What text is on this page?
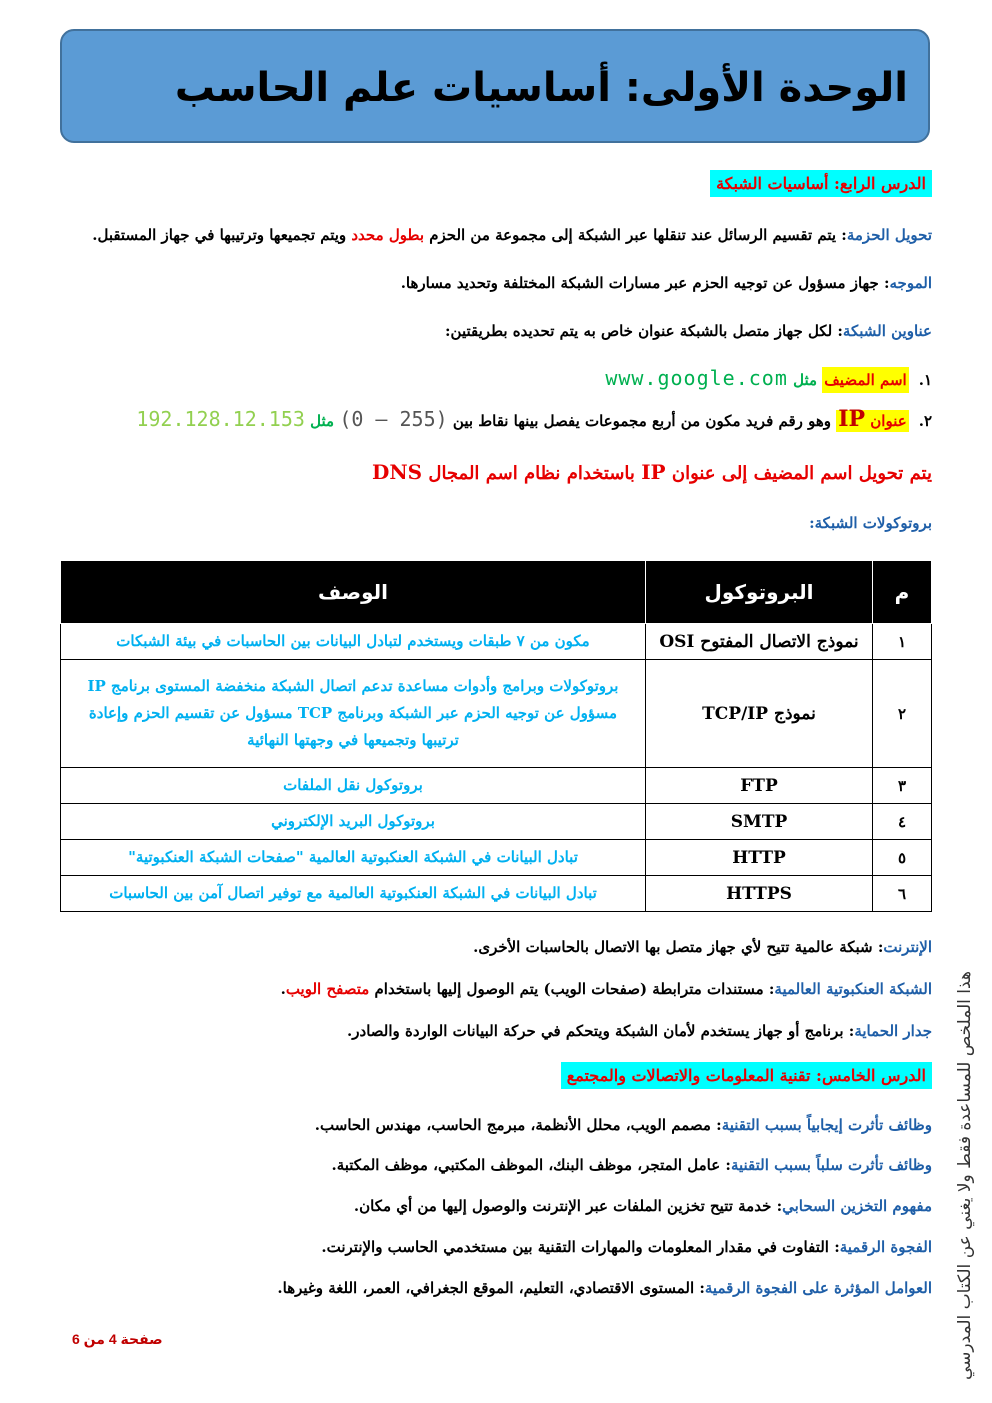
الوحدة الأولى: أساسيات علم الحاسب
الدرس الرابع: أساسيات الشبكة
تحويل الحزمة: يتم تقسيم الرسائل عند تنقلها عبر الشبكة إلى مجموعة من الحزم بطول محدد ويتم تجميعها وترتيبها في جهاز المستقبل.
الموجه: جهاز مسؤول عن توجيه الحزم عبر مسارات الشبكة المختلفة وتحديد مسارها.
عناوين الشبكة: لكل جهاز متصل بالشبكة عنوان خاص به يتم تحديده بطريقتين:
١.اسم المضيف مثل www.google.com
٢.عنوان IP وهو رقم فريد مكون من أربع مجموعات يفصل بينها نقاط بين (0 – 255) مثل 192.128.12.153
يتم تحويل اسم المضيف إلى عنوان IP باستخدام نظام اسم المجال DNS
بروتوكولات الشبكة:
م	البروتوكول	الوصف
١	نموذج الاتصال المفتوح OSI	مكون من ٧ طبقات ويستخدم لتبادل البيانات بين الحاسبات في بيئة الشبكات
٢	نموذج TCP/IP	بروتوكولات وبرامج وأدوات مساعدة تدعم اتصال الشبكة منخفضة المستوى برنامج IP
مسؤول عن توجيه الحزم عبر الشبكة وبرنامج TCP مسؤول عن تقسيم الحزم وإعادة
ترتيبها وتجميعها في وجهتها النهائية

٣	FTP	بروتوكول نقل الملفات
٤	SMTP	بروتوكول البريد الإلكتروني
٥	HTTP	تبادل البيانات في الشبكة العنكبوتية العالمية "صفحات الشبكة العنكبوتية"
٦	HTTPS	تبادل البيانات في الشبكة العنكبوتية العالمية مع توفير اتصال آمن بين الحاسبات
الإنترنت: شبكة عالمية تتيح لأي جهاز متصل بها الاتصال بالحاسبات الأخرى.
الشبكة العنكبوتية العالمية: مستندات مترابطة (صفحات الويب) يتم الوصول إليها باستخدام متصفح الويب.
جدار الحماية: برنامج أو جهاز يستخدم لأمان الشبكة ويتحكم في حركة البيانات الواردة والصادر.
الدرس الخامس: تقنية المعلومات والاتصالات والمجتمع
وظائف تأثرت إيجابياً بسبب التقنية: مصمم الويب، محلل الأنظمة، مبرمج الحاسب، مهندس الحاسب.
وظائف تأثرت سلباً بسبب التقنية: عامل المتجر، موظف البنك، الموظف المكتبي، موظف المكتبة.
مفهوم التخزين السحابي: خدمة تتيح تخزين الملفات عبر الإنترنت والوصول إليها من أي مكان.
الفجوة الرقمية: التفاوت في مقدار المعلومات والمهارات التقنية بين مستخدمي الحاسب والإنترنت.
العوامل المؤثرة على الفجوة الرقمية: المستوى الاقتصادي، التعليم، الموقع الجغرافي، العمر، اللغة وغيرها.
صفحة 4 من 6	هذا الملخص للمساعدة فقط ولا يغني عن الكتاب المدرسي
